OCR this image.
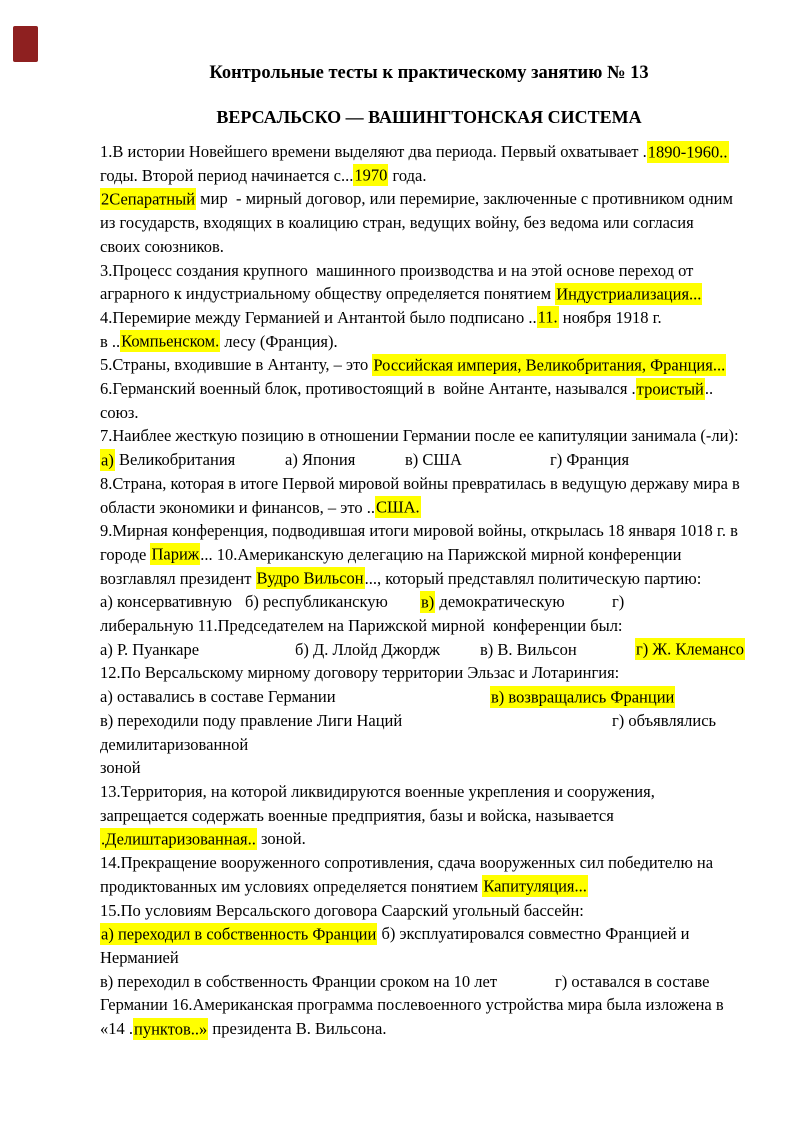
Контрольные тесты к практическому занятию № 13
ВЕРСАЛЬСКО — ВАШИНГТОНСКАЯ СИСТЕМА
1.В истории Новейшего времени выделяют два периода. Первый охватывает .1890-1960..
годы. Второй период начинается с...1970 года.
2Сепаратный мир  - мирный договор, или перемирие, заключенные с противником одним
из государств, входящих в коалицию стран, ведущих войну, без ведома или согласия
своих союзников.
3.Процесс создания крупного  машинного производства и на этой основе переход от
аграрного к индустриальному обществу определяется понятием Индустриализация...
4.Перемирие между Германией и Антантой было подписано ..11. ноября 1918 г.
в ..Компьенском. лесу (Франция).
5.Страны, входившие в Антанту, – это Российская империя, Великобритания, Франция...
6.Германский военный блок, противостоящий в  войне Антанте, назывался .троистый..
союз.
7.Наиблее жесткую позицию в отношении Германии после ее капитуляции занимала (-ли):
а) Великобритания	а) Япония	в) США	г) Франция
8.Страна, которая в итоге Первой мировой войны превратилась в ведущую державу мира в
области экономики и финансов, – это ..США.
9.Мирная конференция, подводившая итоги мировой войны, открылась 18 января 1018 г. в
городе Париж... 10.Американскую делегацию на Парижской мирной конференции
возглавлял президент Вудро Вильсон..., который представлял политическую партию:
а) консервативную б) республиканскую в) демократическую	г)
либеральную 11.Председателем на Парижской мирной  конференции был:
а) Р. Пуанкаре	б) Д. Ллойд Джордж в) В. Вильсон	г) Ж. Клемансо
12.По Версальскому мирному договору территории Эльзас и Лотарингия:
а) оставались в составе Германии	в) возвращались Франции
в) переходили поду правление Лиги Наций	г) объявлялись
демилитаризованной
зоной
13.Территория, на которой ликвидируются военные укрепления и сооружения,
запрещается содержать военные предприятия, базы и войска, называется
.Делиштаризованная.. зоной.
14.Прекращение вооруженного сопротивления, сдача вооруженных сил победителю на
продиктованных им условиях определяется понятием Капитуляция...
15.По условиям Версальского договора Саарский угольный бассейн:
а) переходил в собственность Франции б) эксплуатировался совместно Францией и
Нерманией
в) переходил в собственность Франции сроком на 10 лет	г) оставался в составе
Германии 16.Американская программа послевоенного устройства мира была изложена в
«14 .пунктов..» президента В. Вильсона.
